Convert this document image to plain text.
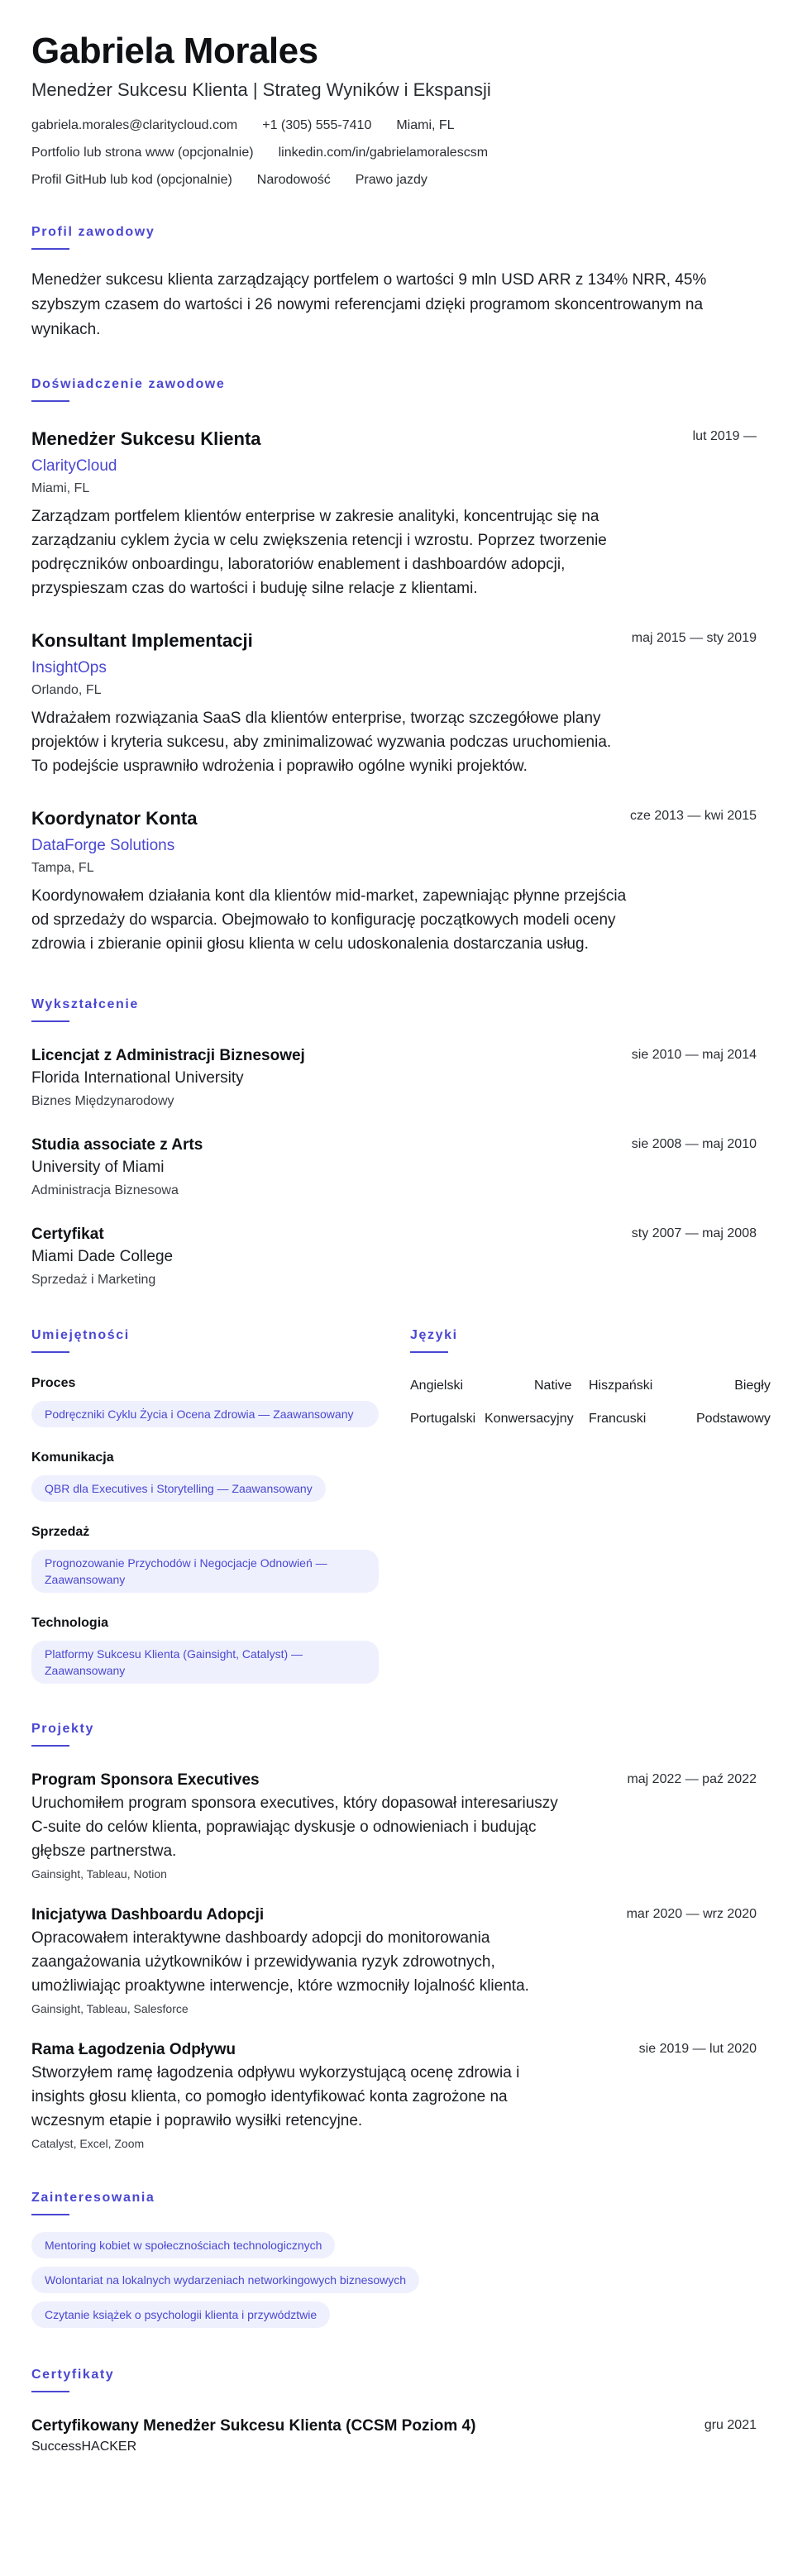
Gabriela Morales
Menedżer Sukcesu Klienta | Strateg Wyników i Ekspansji
gabriela.morales@claritycloud.com +1 (305) 555-7410 Miami, FL
Portfolio lub strona www (opcjonalnie) linkedin.com/in/gabrielamoralescsm
Profil GitHub lub kod (opcjonalnie) Narodowość Prawo jazdy
Profil zawodowy

Menedżer sukcesu klienta zarządzający portfelem o wartości 9 mln USD ARR z 134% NRR, 45% szybszym czasem do wartości i 26 nowymi referencjami dzięki programom skoncentrowanym na wynikach.

Doświadczenie zawodowe
Menedżer Sukcesu Klienta	lut 2019 —
ClarityCloud
Miami, FL

Zarządzam portfelem klientów enterprise w zakresie analityki, koncentrując się na zarządzaniu cyklem życia w celu zwiększenia retencji i wzrostu. Poprzez tworzenie podręczników onboardingu, laboratoriów enablement i dashboardów adopcji, przyspieszam czas do wartości i buduję silne relacje z klientami.

Konsultant Implementacji	maj 2015 — sty 2019
InsightOps
Orlando, FL

Wdrażałem rozwiązania SaaS dla klientów enterprise, tworząc szczegółowe plany projektów i kryteria sukcesu, aby zminimalizować wyzwania podczas uruchomienia. To podejście usprawniło wdrożenia i poprawiło ogólne wyniki projektów.

Koordynator Konta	cze 2013 — kwi 2015
DataForge Solutions
Tampa, FL

Koordynowałem działania kont dla klientów mid-market, zapewniając płynne przejścia od sprzedaży do wsparcia. Obejmowało to konfigurację początkowych modeli oceny zdrowia i zbieranie opinii głosu klienta w celu udoskonalenia dostarczania usług.

Wykształcenie
Licencjat z Administracji Biznesowej	sie 2010 — maj 2014
Florida International University
Biznes Międzynarodowy
Studia associate z Arts	sie 2008 — maj 2010
University of Miami
Administracja Biznesowa
Certyfikat	sty 2007 — maj 2008
Miami Dade College
Sprzedaż i Marketing
Umiejętności
Proces
Podręczniki Cyklu Życia i Ocena Zdrowia — Zaawansowany
Komunikacja
QBR dla Executives i Storytelling — Zaawansowany
Sprzedaż
Prognozowanie Przychodów i Negocjacje Odnowień — Zaawansowany
Technologia
Platformy Sukcesu Klienta (Gainsight, Catalyst) — Zaawansowany
Języki
Angielski	Native	Hiszpański	Biegły
Portugalski Konwersacyjny	Francuski	Podstawowy
Projekty
Program Sponsora Executives	maj 2022 — paź 2022

Uruchomiłem program sponsora executives, który dopasował interesariuszy C-suite do celów klienta, poprawiając dyskusje o odnowieniach i budując głębsze partnerstwa.

Gainsight, Tableau, Notion
Inicjatywa Dashboardu Adopcji	mar 2020 — wrz 2020

Opracowałem interaktywne dashboardy adopcji do monitorowania zaangażowania użytkowników i przewidywania ryzyk zdrowotnych, umożliwiając proaktywne interwencje, które wzmocniły lojalność klienta.

Gainsight, Tableau, Salesforce
Rama Łagodzenia Odpływu	sie 2019 — lut 2020

Stworzyłem ramę łagodzenia odpływu wykorzystującą ocenę zdrowia i insights głosu klienta, co pomogło identyfikować konta zagrożone na wczesnym etapie i poprawiło wysiłki retencyjne.

Catalyst, Excel, Zoom
Zainteresowania
Mentoring kobiet w społecznościach technologicznych
Wolontariat na lokalnych wydarzeniach networkingowych biznesowych
Czytanie książek o psychologii klienta i przywództwie
Certyfikaty
Certyfikowany Menedżer Sukcesu Klienta (CCSM Poziom 4)	gru 2021
SuccessHACKER
